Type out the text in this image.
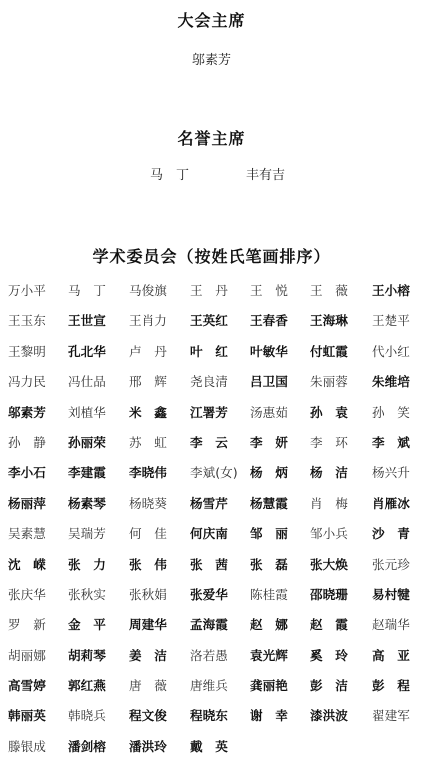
大会主席
邬素芳
名誉主席
马　丁	丰有吉
学术委员会（按姓氏笔画排序）
万小平	马　丁	马俊旗	王　丹	王　悦	王　薇	王小榕
王玉东	王世宣	王肖力	王英红	王春香	王海琳	王楚平
王黎明	孔北华	卢　丹	叶　红	叶敏华	付虹霞	代小红
冯力民	冯仕品	邢　辉	尧良清	吕卫国	朱丽蓉	朱维培
邬素芳	刘植华	米　鑫	江署芳	汤惠茹	孙　袁	孙　笑
孙　静	孙丽荣	苏　虹	李　云	李　妍	李　环	李　斌
李小石	李建霞	李晓伟	李斌(女) 杨　炳	杨　洁	杨兴升
杨丽萍	杨素琴	杨晓葵	杨雪芹	杨慧霞	肖　梅	肖雁冰
吴素慧	吴瑞芳	何　佳	何庆南	邹　丽	邹小兵	沙　青
沈　嵘	张　力	张　伟	张　茜	张　磊	张大焕	张元珍
张庆华	张秋实	张秋娟	张爱华	陈桂霞	邵晓珊	易村犍
罗　新	金　平	周建华	孟海霞	赵　娜	赵　霞	赵瑞华
胡丽娜	胡莉琴	姜　洁	洛若愚	袁光辉	奚　玲	高　亚
高雪婷	郭红燕	唐　薇	唐维兵	龚丽艳	彭　洁	彭　程
韩丽英	韩晓兵	程文俊	程晓东	谢　幸	漆洪波	翟建军
滕银成	潘剑榕	潘洪玲	戴　英
